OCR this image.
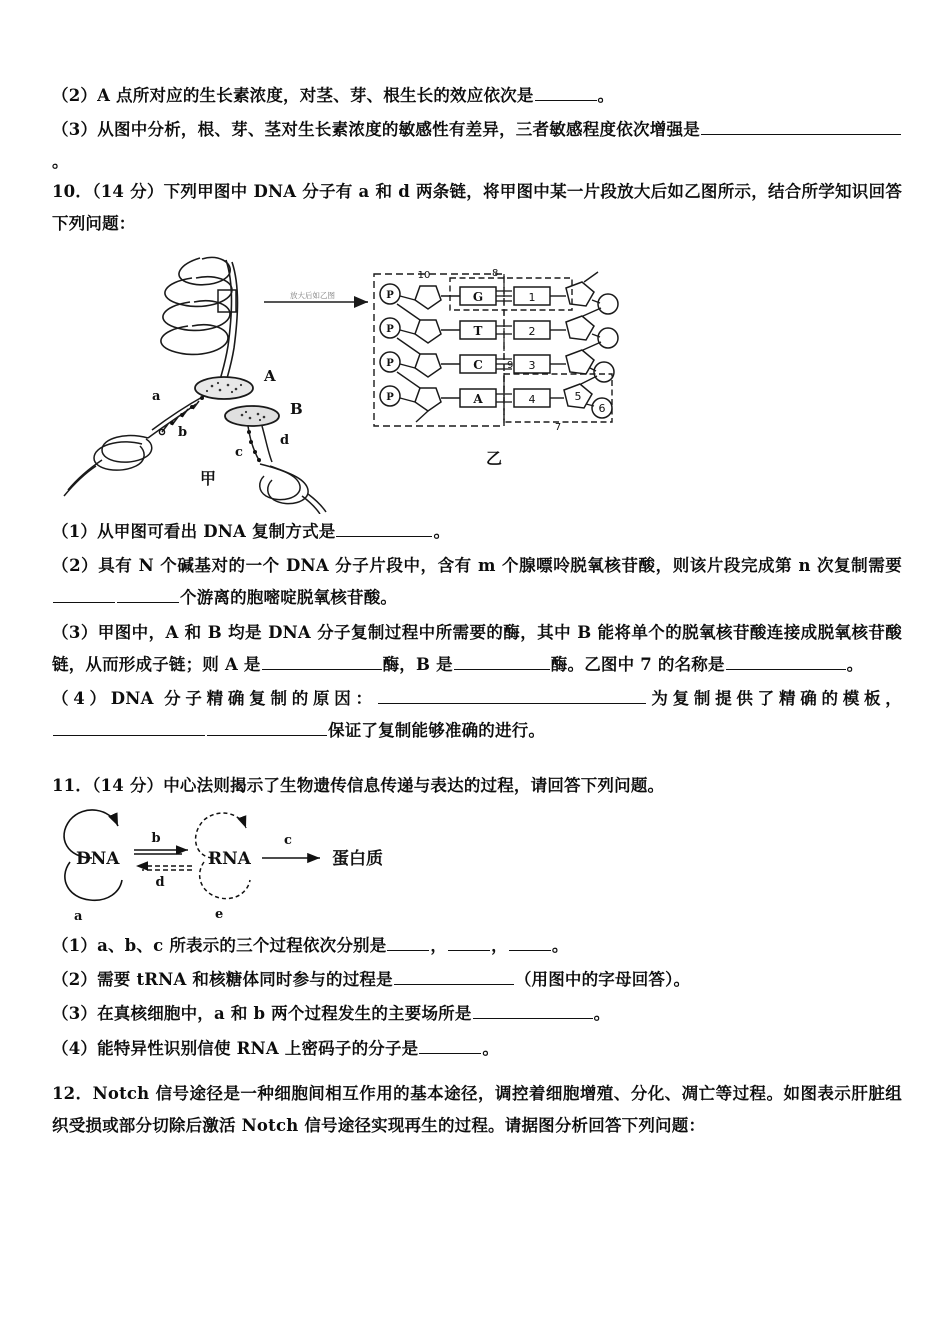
（2）A 点所对应的生长素浓度，对茎、芽、根生长的效应依次是	。

（3）从图中分析，根、芽、茎对生长素浓度的敏感性有差异，三者敏感程度依次增强是。

10．（14 分）下列甲图中 DNA 分子有 a 和 d 两条链，将甲图中某一片段放大后如乙图所示，结合所学知识回答下列问题：

放大后如乙图
A
B
a
b
c
d
甲
10	8
7
9
P	G	1
P	T	2
P	C	3
P	A	4	5
6
乙

（1）从甲图可看出 DNA 复制方式是	。

（2）具有 N 个碱基对的一个 DNA 分子片段中，含有 m 个腺嘌呤脱氧核苷酸，则该片段完成第 n 次复制需要个游离的胞嘧啶脱氧核苷酸。

（3）甲图中，A 和 B 均是 DNA 分子复制过程中所需要的酶，其中 B 能将单个的脱氧核苷酸连接成脱氧核苷酸链，从而形成子链；则 A 是	酶，B 是	酶。乙图中 7 的名称是	。

（4）DNA 分子精确复制的原因：	为复制提供了精确的模板，保证了复制能够准确的进行。

11．（14 分）中心法则揭示了生物遗传信息传递与表达的过程，请回答下列问题。

a
DNA
b
d
e
RNA
c
蛋白质

（1）a、b、c 所表示的三个过程依次分别是	，	，	。

（2）需要 tRNA 和核糖体同时参与的过程是	（用图中的字母回答）。

（3）在真核细胞中，a 和 b 两个过程发生的主要场所是	。

（4）能特异性识别信使 RNA 上密码子的分子是	。

12．Notch 信号途径是一种细胞间相互作用的基本途径，调控着细胞增殖、分化、凋亡等过程。如图表示肝脏组织受损或部分切除后激活 Notch 信号途径实现再生的过程。请据图分析回答下列问题：
